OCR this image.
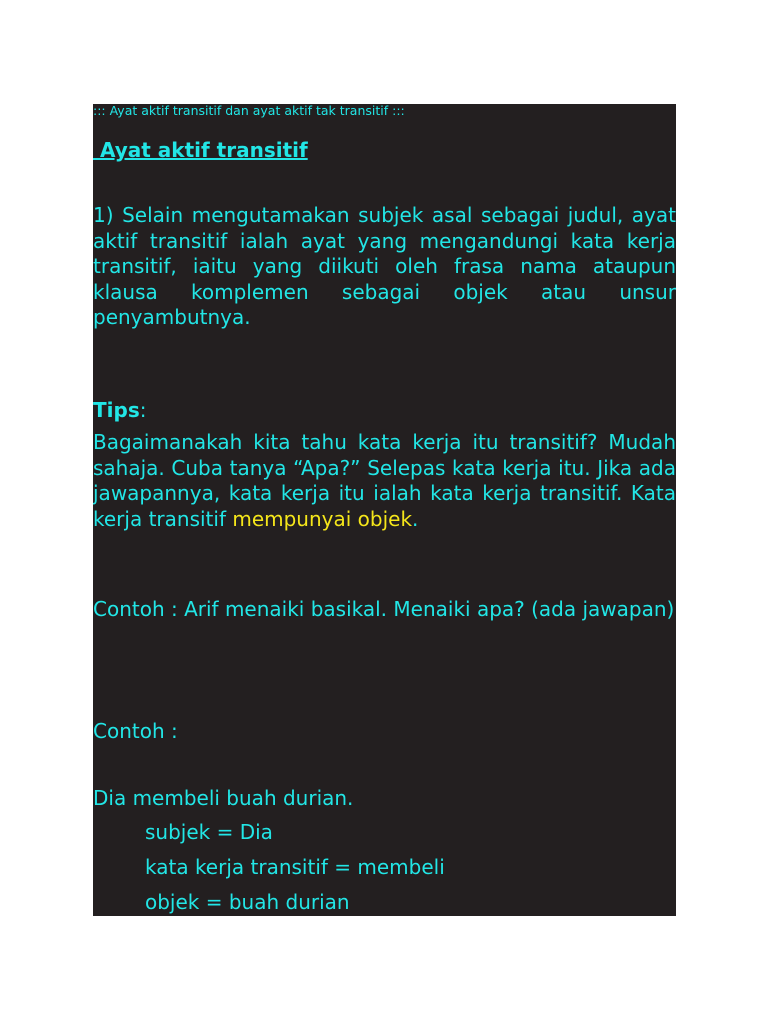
::: Ayat aktif transitif dan ayat aktif tak transitif :::

Ayat aktif transitif

1) Selain mengutamakan subjek asal sebagai judul, ayat aktif transitif ialah ayat yang mengandungi kata kerja transitif, iaitu yang diikuti oleh frasa nama ataupun klausa komplemen sebagai objek atau unsur penyambutnya.

Tips:

Bagaimanakah kita tahu kata kerja itu transitif? Mudah sahaja. Cuba tanya “Apa?” Selepas kata kerja itu. Jika ada jawapannya, kata kerja itu ialah kata kerja transitif. Kata kerja transitif mempunyai objek.

Contoh : Arif menaiki basikal. Menaiki apa? (ada jawapan)

Contoh :

Dia membeli buah durian.

subjek = Dia

kata kerja transitif = membeli

objek = buah durian
